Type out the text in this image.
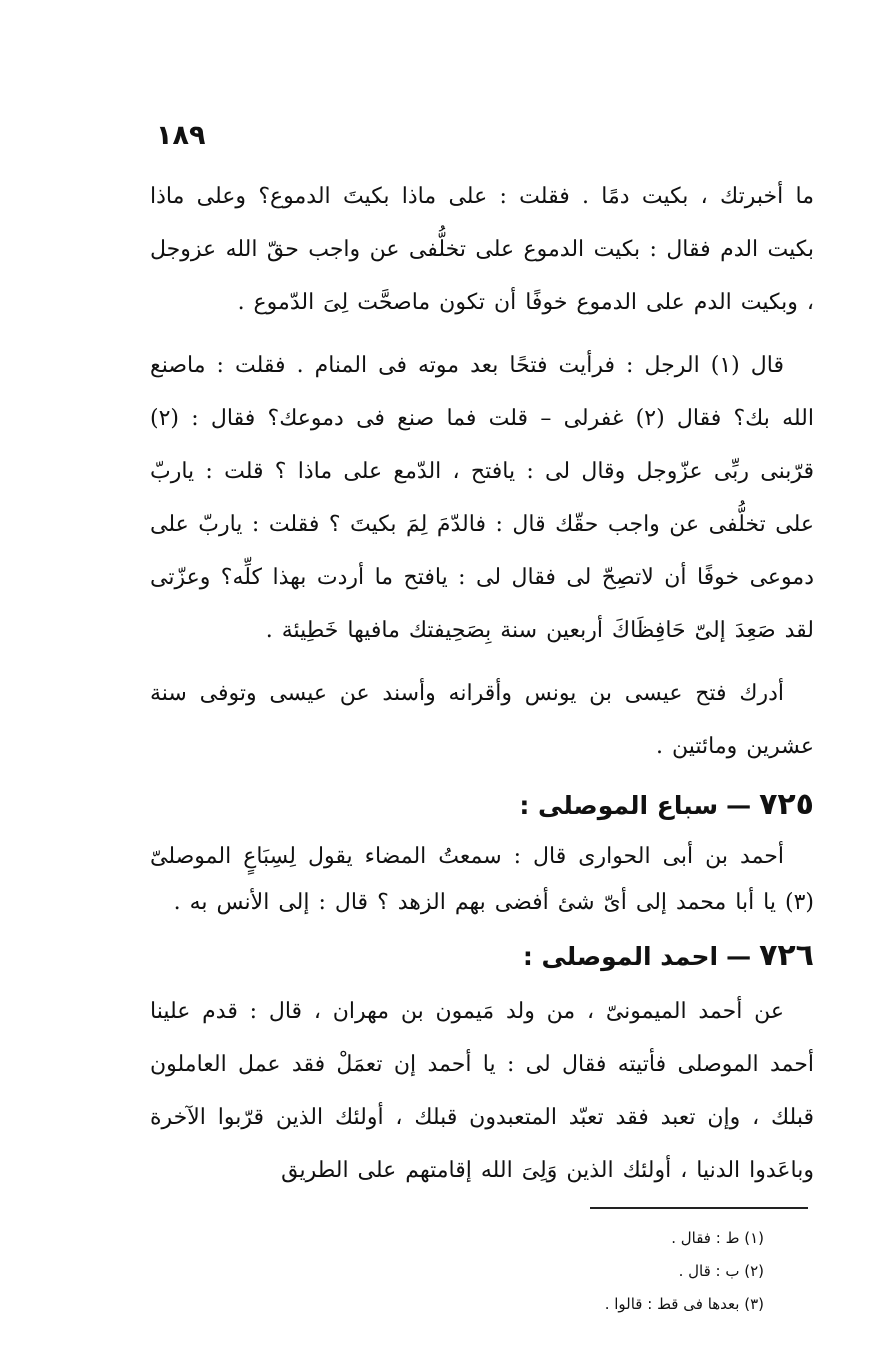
١٨٩

ما أخبرتك ، بكيت دمًا . فقلت : على ماذا بكيتَ الدموع؟ وعلى ماذا بكيت الدم فقال : بكيت الدموع على تخلُّفى عن واجب حقّ الله عزوجل ، وبكيت الدم على الدموع خوفًا أن تكون ماصحَّت لِىَ الدّموع .

قال (١) الرجل : فرأيت فتحًا بعد موته فى المنام . فقلت : ماصنع الله بك؟ فقال (٢) غفرلى – قلت فما صنع فى دموعك؟ فقال : (٢) قرّبنى ربِّى عزّوجل وقال لى : يافتح ، الدّمع على ماذا ؟ قلت : ياربّ على تخلُّفى عن واجب حقّك قال : فالدّمَ لِمَ بكيتَ ؟ فقلت : ياربّ على دموعى خوفًا أن لاتصِحّ لى فقال لى : يافتح ما أردت بهذا كلِّه؟ وعزّتى لقد صَعِدَ إلىّ حَافِظَاكَ أربعين سنة بِصَحِيفتك مافيها خَطِيئة .

أدرك فتح عيسى بن يونس وأقرانه وأسند عن عيسى وتوفى سنة عشرين ومائتين .

٧٢٥—سباع الموصلى :

أحمد بن أبى الحوارى قال : سمعتُ المضاء يقول لِسِبَاعٍ الموصلىّ (٣) يا أبا محمد إلى أىّ شئ أفضى بهم الزهد ؟ قال : إلى الأنس به .

٧٢٦—احمد الموصلى :

عن أحمد الميمونىّ ، من ولد مَيمون بن مهران ، قال : قدم علينا أحمد الموصلى فأتيته فقال لى : يا أحمد إن تعمَلْ فقد عمل العاملون قبلك ، وإن تعبد فقد تعبّد المتعبدون قبلك ، أولئك الذين قرّبوا الآخرة وباعَدوا الدنيا ، أولئك الذين وَلِىَ الله إقامتهم على الطريق

(١) ط : فقال .
(٢) ب : قال .
(٣) بعدها فى قط : قالوا .
